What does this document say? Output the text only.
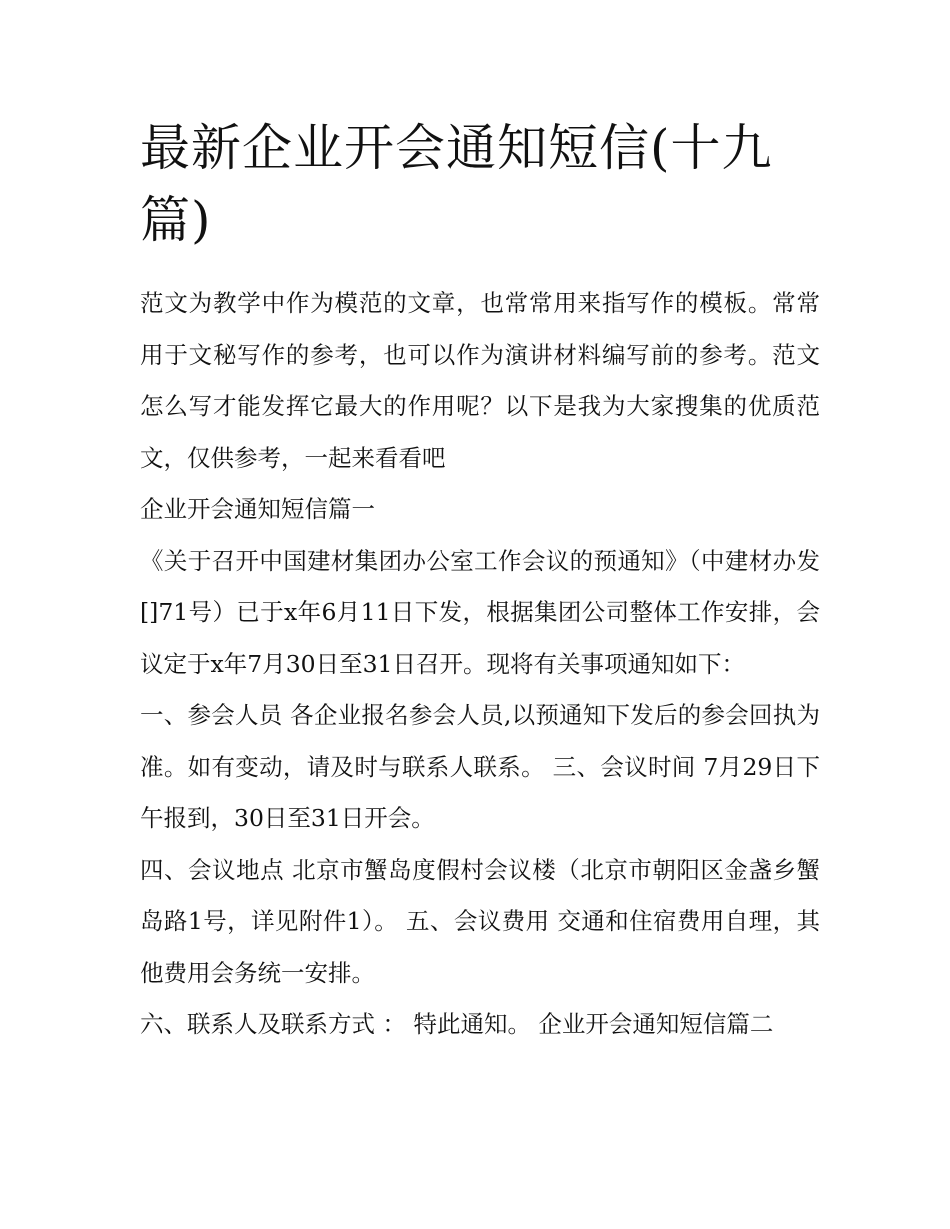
最新企业开会通知短信(十九篇)

范文为教学中作为模范的文章，也常常用来指写作的模板。常常用于文秘写作的参考，也可以作为演讲材料编写前的参考。范文怎么写才能发挥它最大的作用呢？以下是我为大家搜集的优质范文，仅供参考，一起来看看吧

企业开会通知短信篇一

《关于召开中国建材集团办公室工作会议的预通知》（中建材办发[]71号）已于x年6月11日下发，根据集团公司整体工作安排，会议定于x年7月30日至31日召开。现将有关事项通知如下：

一、参会人员 各企业报名参会人员,以预通知下发后的参会回执为准。如有变动，请及时与联系人联系。 三、会议时间 7月29日下午报到，30日至31日开会。

四、会议地点 北京市蟹岛度假村会议楼（北京市朝阳区金盏乡蟹岛路1号，详见附件1）。 五、会议费用 交通和住宿费用自理，其他费用会务统一安排。

六、联系人及联系方式 ： 特此通知。 企业开会通知短信篇二
